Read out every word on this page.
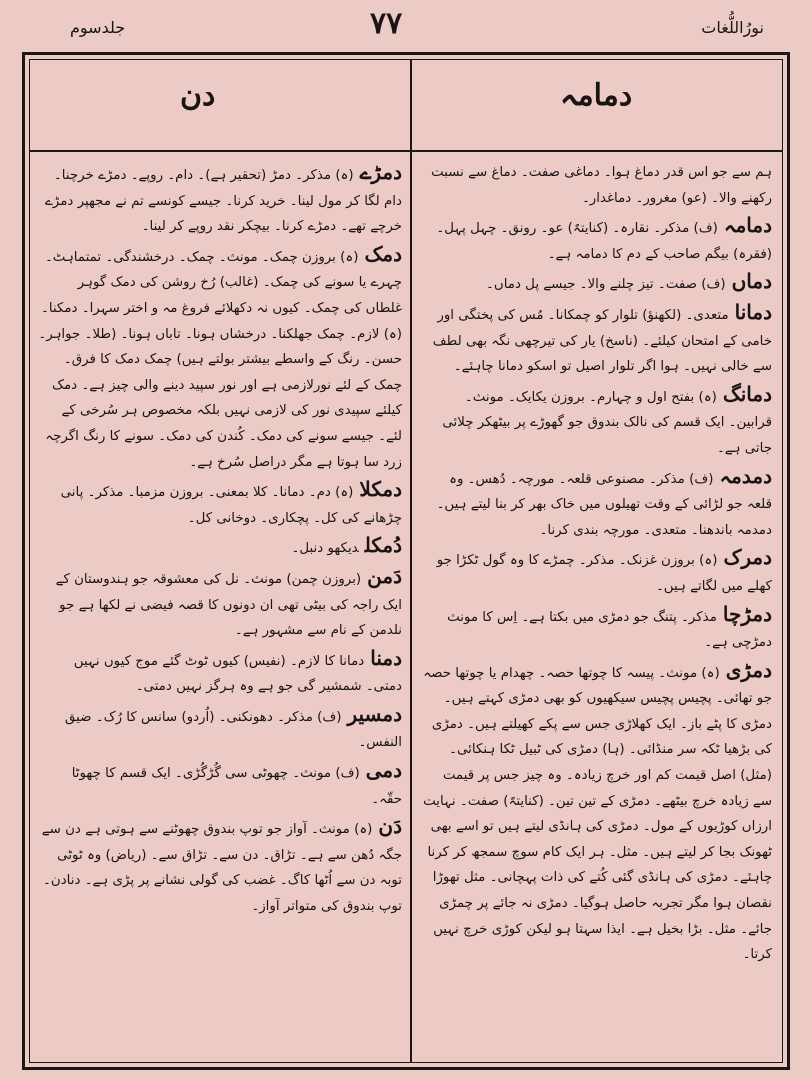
جلدسوم	۷۷	نورُاللُّغات
دن	دمامہ

ہم سے جو اس قدر دماغ ہوا۔ دماغی صفت۔ دماغ سے نسبت رکھنے والا۔ (عو) مغرور۔ دماغدار۔

دمامہ(ف) مذکر۔ نقارہ۔ (کنایتہً) عو۔ رونق۔ چہل پہل۔ (فقرہ) بیگم صاحب کے دم کا دمامہ ہے۔

دماں(ف) صفت۔ تیز چلنے والا۔ جیسے پل دماں۔

دمانامتعدی۔ (لکھنؤ) تلوار کو چمکانا۔ مُس کی پختگی اور خامی کے امتحان کیلئے۔ (ناسخ) یار کی تیرچھی نگہ بھی لطف سے خالی نہیں۔ ہوا اگر تلوار اصیل تو اسکو دمانا چاہئے۔

دمانگ(ہ) بفتح اول و چہارم۔ بروزن یکایک۔ مونث۔ قرابین۔ ایک قسم کی نالک بندوق جو گھوڑے پر بیٹھکر چلائی جاتی ہے۔

دمدمہ(ف) مذکر۔ مصنوعی قلعہ۔ مورچہ۔ دُھس۔ وہ قلعہ جو لڑائی کے وقت تھیلوں میں خاک بھر کر بنا لیتے ہیں۔ دمدمہ باندھنا۔ متعدی۔ مورچہ بندی کرنا۔

دمرک(ہ) بروزن غزنک۔ مذکر۔ چمڑے کا وہ گول ٹکڑا جو کھلے میں لگاتے ہیں۔

دمڑچامذکر۔ پتنگ جو دمڑی میں بکتا ہے۔ اِس کا مونث دمڑچی ہے۔

دمڑی(ہ) مونث۔ پیسہ کا چوتھا حصہ۔ چھدام یا چوتھا حصہ جو تھائی۔ پچیس پچیس سیکھیوں کو بھی دمڑی کہتے ہیں۔ دمڑی کا پٹے باز۔ ایک کھلاڑی جس سے پکے کھیلتے ہیں۔ دمڑی کی بڑھیا ٹکہ سر منڈائی۔ (ہا) دمڑی کی ٹبیل ٹکا ہنکائی۔ (مثل) اصل قیمت کم اور خرچ زیادہ۔ وہ چیز جس پر قیمت سے زیادہ خرچ بیٹھے۔ دمڑی کے تین تین۔ (کنایتہً) صفت۔ نہایت ارزاں کوڑیوں کے مول۔ دمڑی کی ہانڈی لیتے ہیں تو اسے بھی ٹھونک بجا کر لیتے ہیں۔ مثل۔ ہر ایک کام سوچ سمجھ کر کرنا چاہئے۔ دمڑی کی ہانڈی گئی کُتے کی ذات پہچانی۔ مثل تھوڑا نقصان ہوا مگر تجربہ حاصل ہوگیا۔ دمڑی نہ جائے پر چمڑی جائے۔ مثل۔ بڑا بخیل ہے۔ ایذا سہتا ہو لیکن کوڑی خرچ نہیں کرتا۔

دمڑے(ہ) مذکر۔ دمڑ (تحقیر ہے)۔ دام۔ روپے۔ دمڑے خرچنا۔ دام لگا کر مول لینا۔ خرید کرنا۔ جیسے کونسے تم نے مجھپر دمڑے خرچے تھے۔ دمڑے کرنا۔ بیچکر نقد روپے کر لینا۔

دمک(ہ) بروزن چمک۔ مونث۔ چمک۔ درخشندگی۔ تمتماہٹ۔ چہرے یا سونے کی چمک۔ (غالب) رُخ روشن کی دمک گوہر غلطاں کی چمک۔ کیوں نہ دکھلائے فروغ مہ و اختر سہرا۔ دمکنا۔ (ہ) لازم۔ چمک جھلکنا۔ درخشاں ہونا۔ تاباں ہونا۔ (طلا۔ جواہر۔ حسن۔ رنگ کے واسطے بیشتر بولتے ہیں) چمک دمک کا فرق۔ چمک کے لئے نورلازمی ہے اور نور سپید دینے والی چیز ہے۔ دمک کیلئے سپیدی نور کی لازمی نہیں بلکہ مخصوص ہر سُرخی کے لئے۔ جیسے سونے کی دمک۔ کُندن کی دمک۔ سونے کا رنگ اگرچہ زرد سا ہوتا ہے مگر دراصل سُرخ ہے۔

دمکلا(ہ) دم۔ دمانا۔ کلا بمعنی۔ بروزن مزمبا۔ مذکر۔ پانی چڑھانے کی کل۔ پچکاری۔ دوخانی کل۔

دُمکلدیکھو دنبل۔

دَمن(بروزن چمن) مونث۔ نل کی معشوقہ جو ہندوستان کے ایک راجہ کی بیٹی تھی ان دونوں کا قصہ فیضی نے لکھا ہے جو نلدمن کے نام سے مشہور ہے۔

دمنادمانا کا لازم۔ (نفیس) کیوں ٹوٹ گئے موج کیوں نہیں دمتی۔ شمشیر گی جو ہے وہ ہرگز نہیں دمتی۔

دمسیر(ف) مذکر۔ دھونکنی۔ (اُردو) سانس کا رُک۔ ضیق النفس۔

دمی(ف) مونث۔ چھوٹی سی گُڑگُڑی۔ ایک قسم کا چھوٹا حقّہ۔

دَن(ہ) مونث۔ آواز جو توپ بندوق چھوٹنے سے ہوتی ہے دن سے جگہ دُھن سے ہے۔ تڑاق۔ دن سے۔ تڑاق سے۔ (ریاض) وہ ٹوٹی توبہ دن سے اُٹھا کاگ۔ غضب کی گولی نشانے پر پڑی ہے۔ دنادن۔ توپ بندوق کی متواتر آواز۔
